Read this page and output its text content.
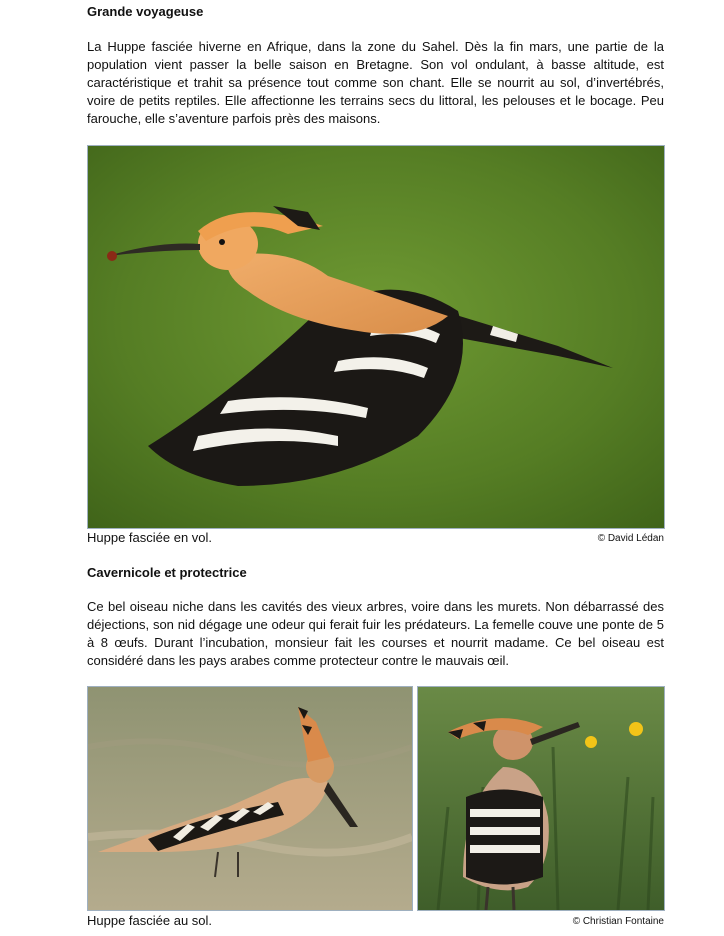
Grande voyageuse
La Huppe fasciée hiverne en Afrique, dans la zone du Sahel. Dès la fin mars, une partie de la population vient passer la belle saison en Bretagne. Son vol ondulant, à basse altitude, est caractéristique et trahit sa présence tout comme son chant. Elle se nourrit au sol, d’invertébrés, voire de petits reptiles. Elle affectionne les terrains secs du littoral, les pelouses et le bocage. Peu farouche, elle s’aventure parfois près des maisons.
Huppe fasciée en vol.	© David Lédan
Cavernicole et protectrice
Ce bel oiseau niche dans les cavités des vieux arbres, voire dans les murets. Non débarrassé des déjections, son nid dégage une odeur qui ferait fuir les prédateurs. La femelle couve une ponte de 5 à 8 œufs. Durant l’incubation, monsieur fait les courses et nourrit madame. Ce bel oiseau est considéré dans les pays arabes comme protecteur contre le mauvais œil.
Huppe fasciée au sol.	© Christian Fontaine
